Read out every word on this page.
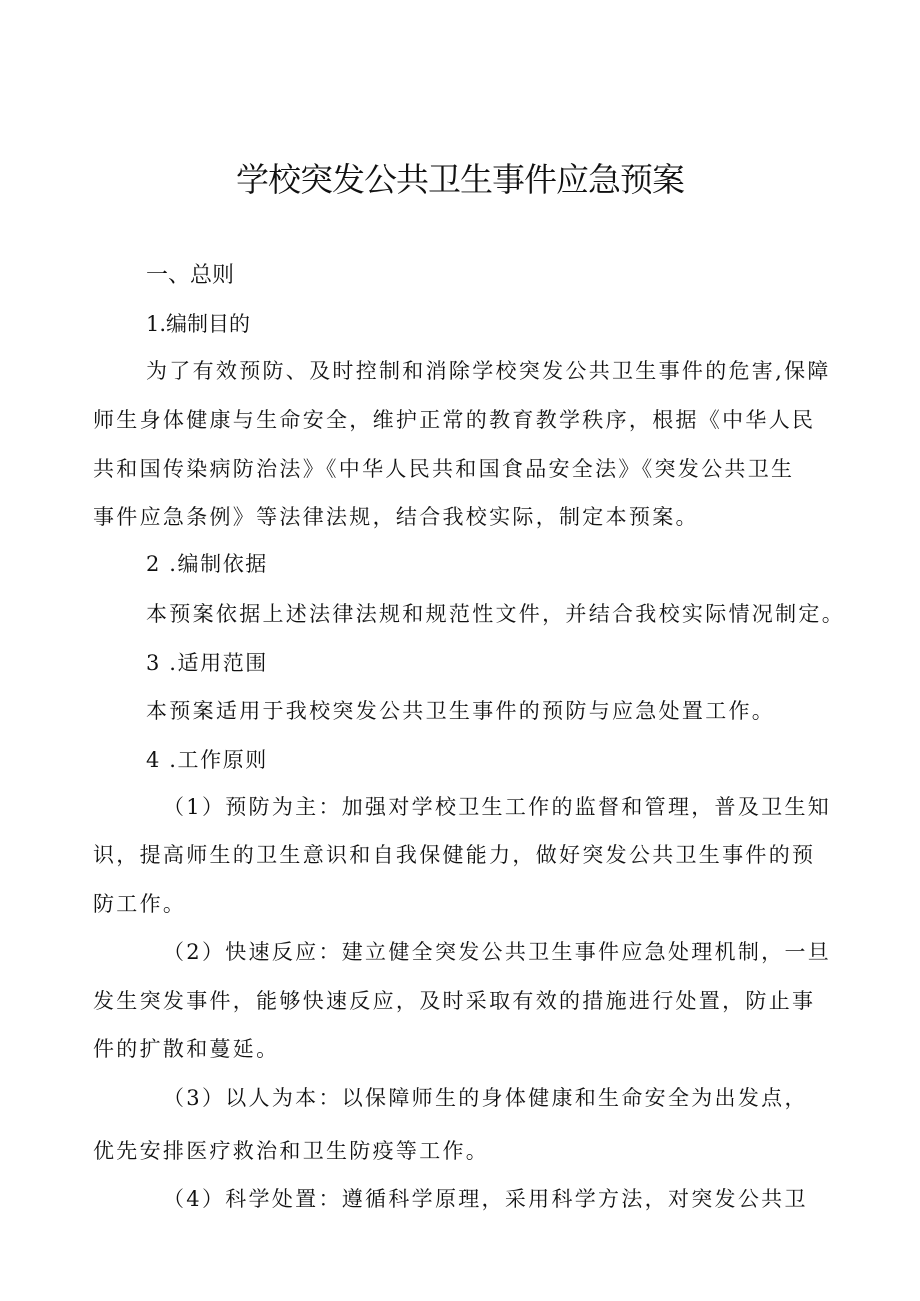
学校突发公共卫生事件应急预案
一、总则
1.编制目的
为了有效预防、及时控制和消除学校突发公共卫生事件的危害,保障
师生身体健康与生命安全，维护正常的教育教学秩序，根据《中华人民
共和国传染病防治法》《中华人民共和国食品安全法》《突发公共卫生
事件应急条例》等法律法规，结合我校实际，制定本预案。
2 .编制依据
本预案依据上述法律法规和规范性文件，并结合我校实际情况制定。
3 .适用范围
本预案适用于我校突发公共卫生事件的预防与应急处置工作。
4 .工作原则
（1）预防为主：加强对学校卫生工作的监督和管理，普及卫生知
识，提高师生的卫生意识和自我保健能力，做好突发公共卫生事件的预
防工作。
（2）快速反应：建立健全突发公共卫生事件应急处理机制，一旦
发生突发事件，能够快速反应，及时采取有效的措施进行处置，防止事
件的扩散和蔓延。
（3）以人为本：以保障师生的身体健康和生命安全为出发点，
优先安排医疗救治和卫生防疫等工作。
（4）科学处置：遵循科学原理，采用科学方法，对突发公共卫
